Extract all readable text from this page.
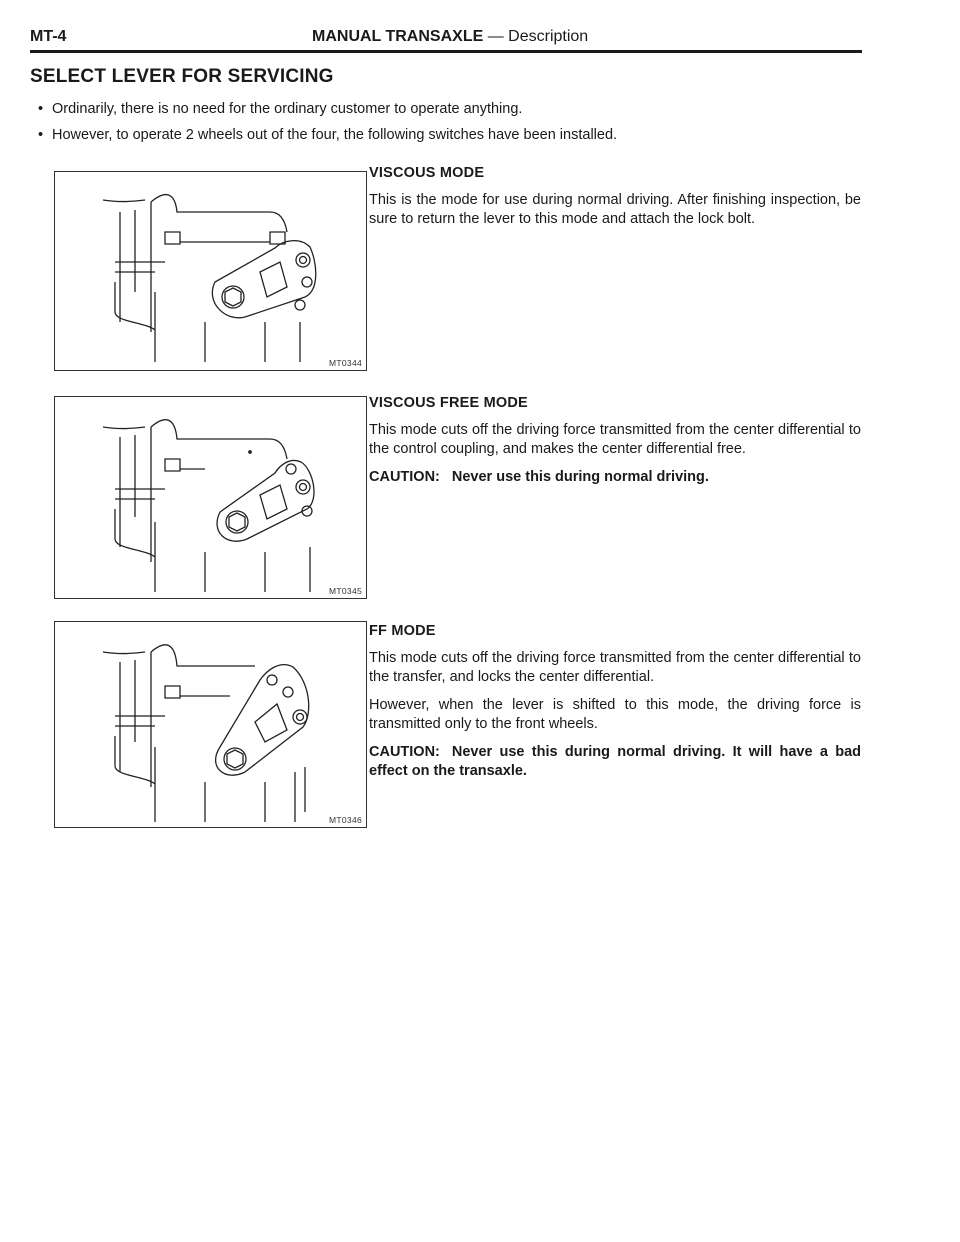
MT-4	MANUAL TRANSAXLE — Description
SELECT LEVER FOR SERVICING
• Ordinarily, there is no need for the ordinary customer to operate anything.
• However, to operate 2 wheels out of the four, the following switches have been installed.
MT0344
MT0345
MT0346
VISCOUS MODE

This is the mode for use during normal driving. After finishing inspection, be sure to return the lever to this mode and attach the lock bolt.

VISCOUS FREE MODE

This mode cuts off the driving force transmitted from the center differential to the control coupling, and makes the center differential free.

CAUTION: Never use this during normal driving.

FF MODE

This mode cuts off the driving force transmitted from the center differential to the transfer, and locks the center differential.

However, when the lever is shifted to this mode, the driving force is transmitted only to the front wheels.

CAUTION: Never use this during normal driving. It will have a bad effect on the transaxle.
